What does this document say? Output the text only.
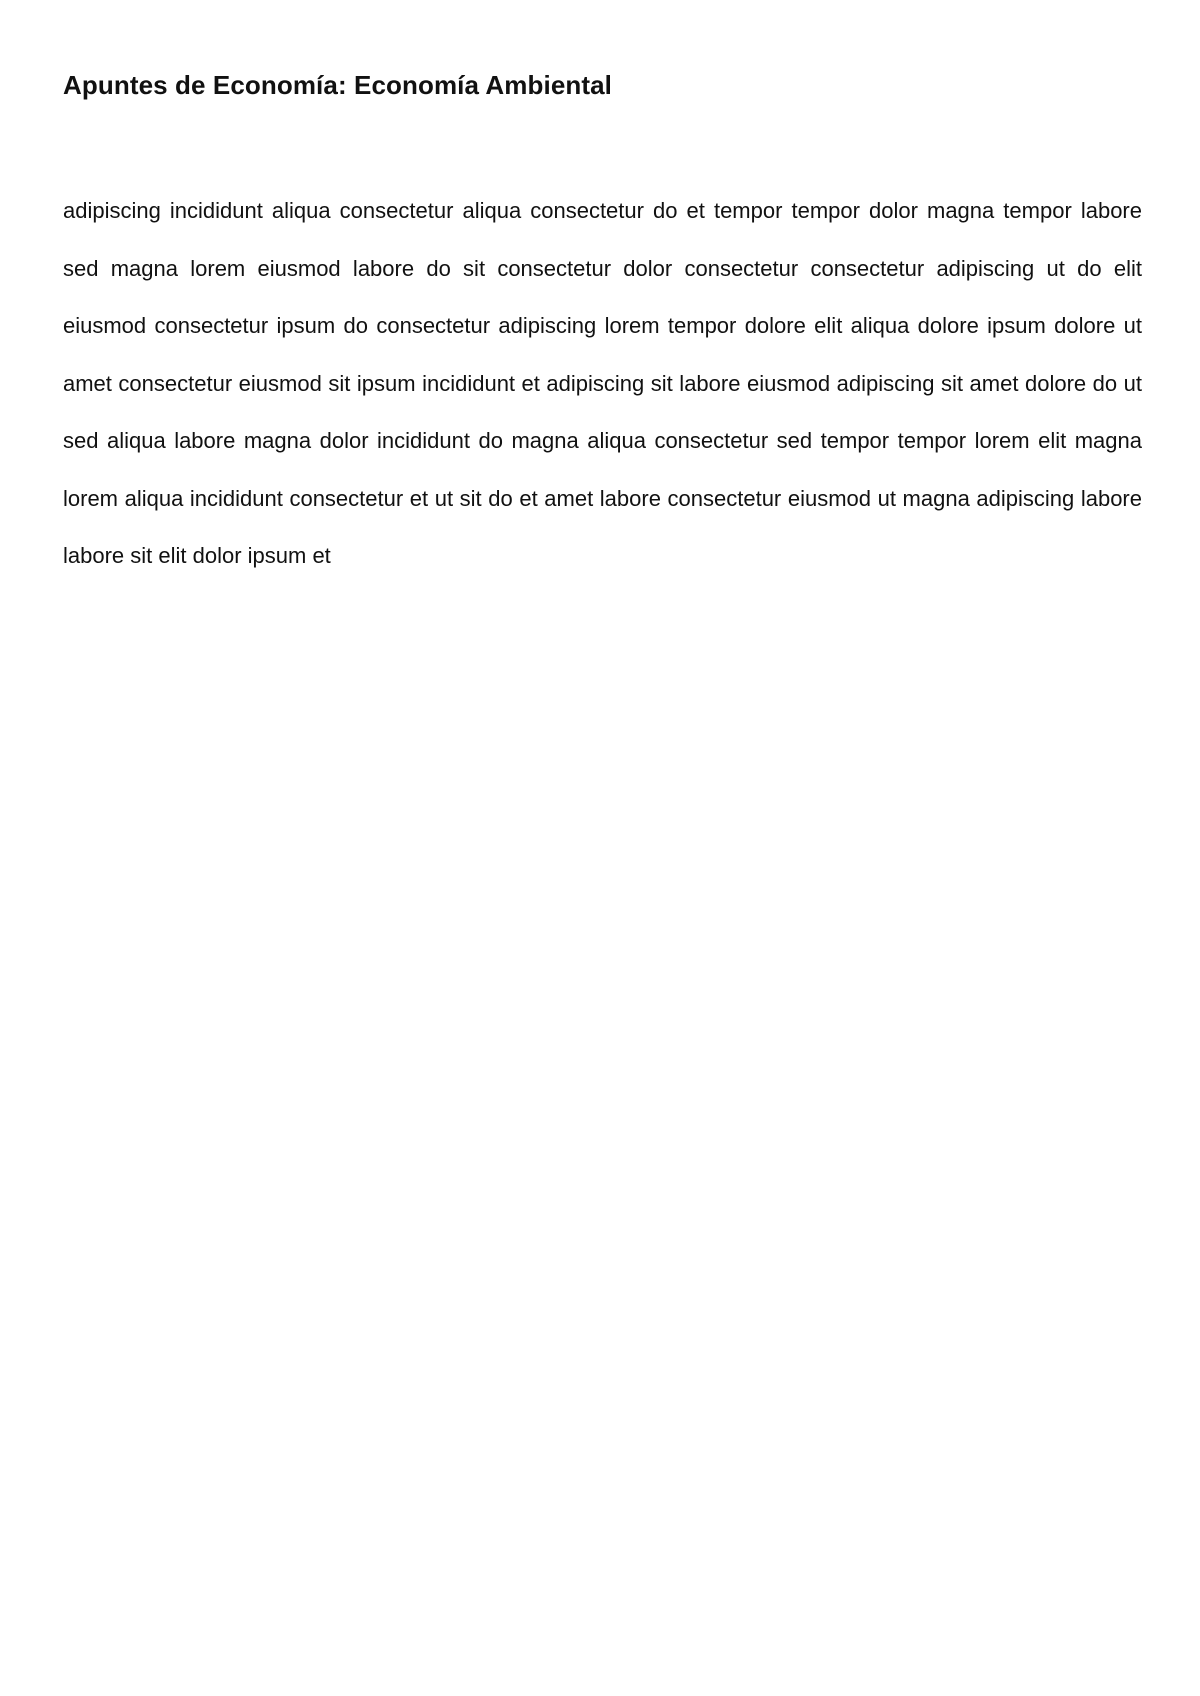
Apuntes de Economía: Economía Ambiental

adipiscing incididunt aliqua consectetur aliqua consectetur do et tempor tempor dolor magna tempor labore sed magna lorem eiusmod labore do sit consectetur dolor consectetur consectetur adipiscing ut do elit eiusmod consectetur ipsum do consectetur adipiscing lorem tempor dolore elit aliqua dolore ipsum dolore ut amet consectetur eiusmod sit ipsum incididunt et adipiscing sit labore eiusmod adipiscing sit amet dolore do ut sed aliqua labore magna dolor incididunt do magna aliqua consectetur sed tempor tempor lorem elit magna lorem aliqua incididunt consectetur et ut sit do et amet labore consectetur eiusmod ut magna adipiscing labore labore sit elit dolor ipsum et
